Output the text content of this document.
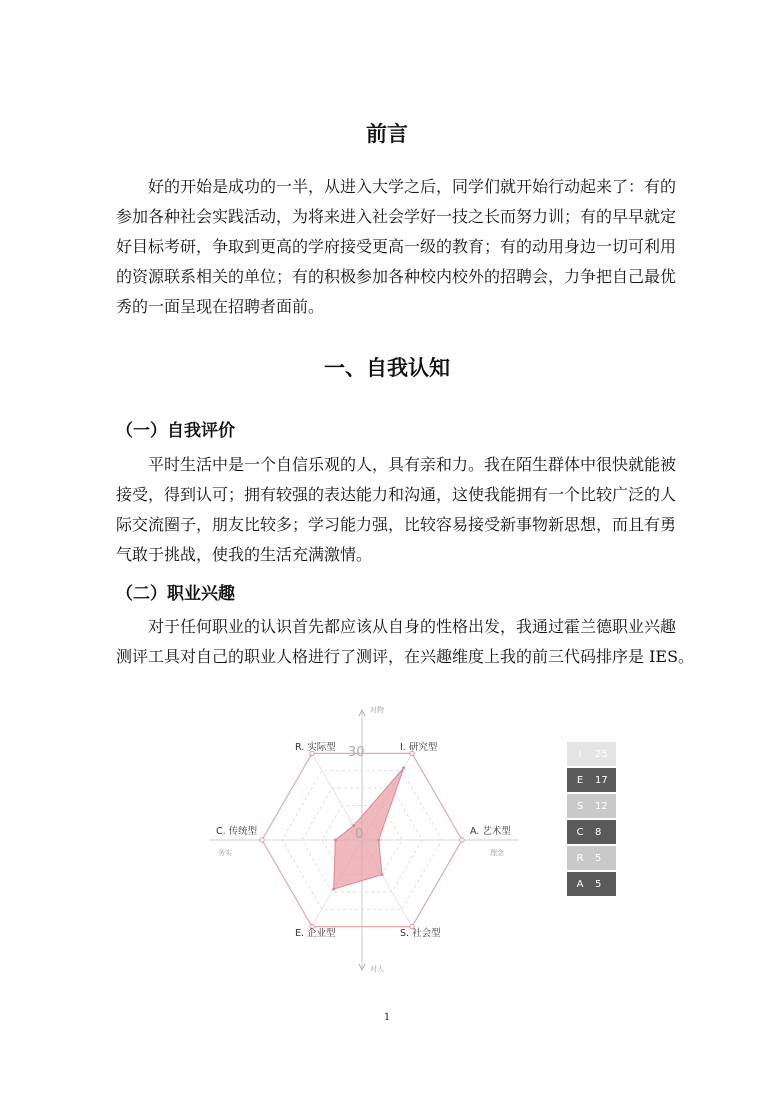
前言
好的开始是成功的一半，从进入大学之后，同学们就开始行动起来了：有的
参加各种社会实践活动，为将来进入社会学好一技之长而努力训；有的早早就定
好目标考研，争取到更高的学府接受更高一级的教育；有的动用身边一切可利用
的资源联系相关的单位；有的积极参加各种校内校外的招聘会，力争把自己最优
秀的一面呈现在招聘者面前。
一、自我认知
（一）自我评价
平时生活中是一个自信乐观的人，具有亲和力。我在陌生群体中很快就能被
接受，得到认可；拥有较强的表达能力和沟通，这使我能拥有一个比较广泛的人
际交流圈子，朋友比较多；学习能力强，比较容易接受新事物新思想，而且有勇
气敢于挑战，使我的生活充满激情。
（二）职业兴趣
对于任何职业的认识首先都应该从自身的性格出发，我通过霍兰德职业兴趣
测评工具对自己的职业人格进行了测评，在兴趣维度上我的前三代码排序是 IES。
I. 研究型
A. 艺术型
S. 社会型
E. 企业型
C. 传统型
R. 实际型 30
0
对物
对人
务实	理念
I	25
E	17
S	12
C	8
R	5
A	5
1
